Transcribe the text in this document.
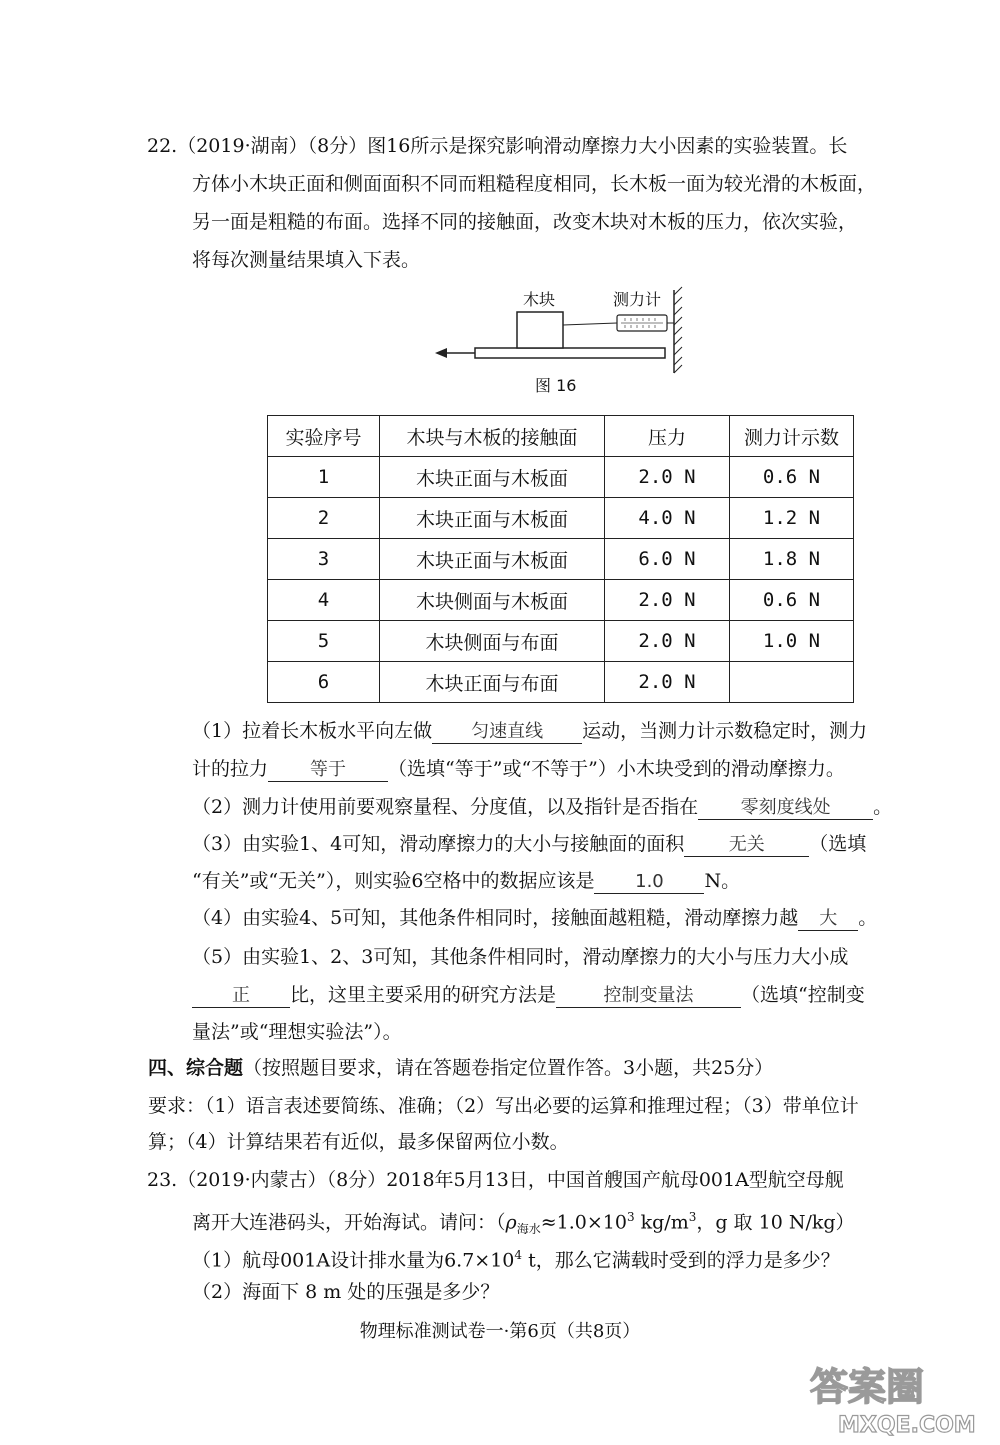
22.（2019·湖南）（8分）图16所示是探究影响滑动摩擦力大小因素的实验装置。长
方体小木块正面和侧面面积不同而粗糙程度相同，长木板一面为较光滑的木板面，
另一面是粗糙的布面。选择不同的接触面，改变木块对木板的压力，依次实验，
将每次测量结果填入下表。
木块	测力计
图 16
实验序号	木块与木板的接触面	压力	测力计示数
1	木块正面与木板面	2.0 N	0.6 N
2	木块正面与木板面	4.0 N	1.2 N
3	木块正面与木板面	6.0 N	1.8 N
4	木块侧面与木板面	2.0 N	0.6 N
5	木块侧面与布面	2.0 N	1.0 N
6	木块正面与布面	2.0 N	
（1）拉着长木板水平向左做 匀速直线 运动，当测力计示数稳定时，测力
计的拉力 等于 （选填“等于”或“不等于”）小木块受到的滑动摩擦力。
（2）测力计使用前要观察量程、分度值，以及指针是否指在 零刻度线处 。
（3）由实验1、4可知，滑动摩擦力的大小与接触面的面积 无关 （选填
“有关”或“无关”），则实验6空格中的数据应该是 1.0 N。
（4）由实验4、5可知，其他条件相同时，接触面越粗糙，滑动摩擦力越 大 。
（5）由实验1、2、3可知，其他条件相同时，滑动摩擦力的大小与压力大小成
正 比，这里主要采用的研究方法是	控制变量法	（选填“控制变
量法”或“理想实验法”）。
四、综合题（按照题目要求，请在答题卷指定位置作答。3小题，共25分）
要求：（1）语言表述要简练、准确；（2）写出必要的运算和推理过程；（3）带单位计
算；（4）计算结果若有近似，最多保留两位小数。
23.（2019·内蒙古）（8分）2018年5月13日，中国首艘国产航母001A型航空母舰
离开大连港码头，开始海试。请问：（$\rho_{海水}\approx 1.0\times 10^3$ $kg/m^3$，g 取 10 N/kg）
（1）航母001A设计排水量为$6.7\times 10^4$ t，那么它满载时受到的浮力是多少？
（2）海面下 8 m 处的压强是多少？
物理标准测试卷一·第6页（共8页）
答案圈
MXQE.COM
